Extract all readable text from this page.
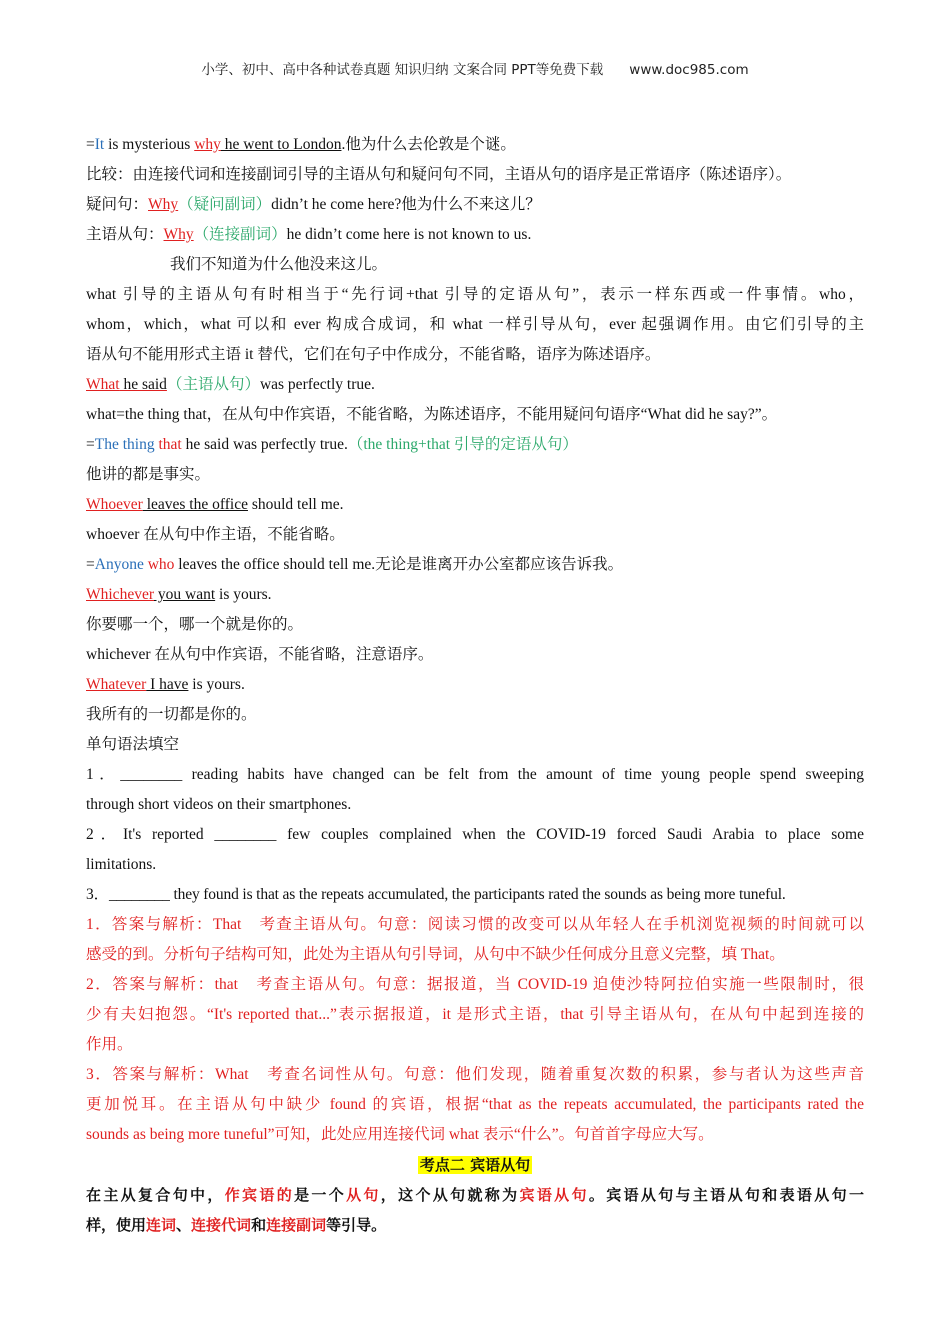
小学、初中、高中各种试卷真题 知识归纳 文案合同 PPT等免费下载 www.doc985.com
=It is mysterious why he went to London.他为什么去伦敦是个谜。
比较：由连接代词和连接副词引导的主语从句和疑问句不同，主语从句的语序是正常语序（陈述语序）。
疑问句：Why（疑问副词）didn’t he come here?他为什么不来这儿？
主语从句：Why（连接副词）he didn’t come here is not known to us.
我们不知道为什么他没来这儿。
what 引导的主语从句有时相当于“先行词+that 引导的定语从句”，表示一样东西或一件事情。who，
whom，which，what 可以和 ever 构成合成词，和 what 一样引导从句，ever 起强调作用。由它们引导的主
语从句不能用形式主语 it 替代，它们在句子中作成分，不能省略，语序为陈述语序。
What he said（主语从句）was perfectly true.
what=the thing that，在从句中作宾语，不能省略，为陈述语序，不能用疑问句语序“What did he say?”。
=The thing that he said was perfectly true.（the thing+that 引导的定语从句）
他讲的都是事实。
Whoever leaves the office should tell me.
whoever 在从句中作主语，不能省略。
=Anyone who leaves the office should tell me.无论是谁离开办公室都应该告诉我。
Whichever you want is yours.
你要哪一个，哪一个就是你的。
whichever 在从句中作宾语，不能省略，注意语序。
Whatever I have is yours.
我所有的一切都是你的。
单句语法填空
1．________ reading habits have changed can be felt from the amount of time young people spend sweeping
through short videos on their smartphones.
2．It's reported ________ few couples complained when the COVID-19 forced Saudi Arabia to place some
limitations.
3．________ they found is that as the repeats accumulated, the participants rated the sounds as being more tuneful.
1．答案与解析：That　考查主语从句。句意：阅读习惯的改变可以从年轻人在手机浏览视频的时间就可以
感受的到。分析句子结构可知，此处为主语从句引导词，从句中不缺少任何成分且意义完整，填 That。
2．答案与解析：that　考查主语从句。句意：据报道，当 COVID-19 迫使沙特阿拉伯实施一些限制时，很
少有夫妇抱怨。“It's reported that...”表示据报道，it 是形式主语，that 引导主语从句，在从句中起到连接的
作用。
3．答案与解析：What　考查名词性从句。句意：他们发现，随着重复次数的积累，参与者认为这些声音
更加悦耳。在主语从句中缺少 found 的宾语，根据“that as the repeats accumulated, the participants rated the
sounds as being more tuneful”可知，此处应用连接代词 what 表示“什么”。句首首字母应大写。
考点二 宾语从句
在主从复合句中，作宾语的是一个从句，这个从句就称为宾语从句。宾语从句与主语从句和表语从句一
样，使用连词、连接代词和连接副词等引导。
